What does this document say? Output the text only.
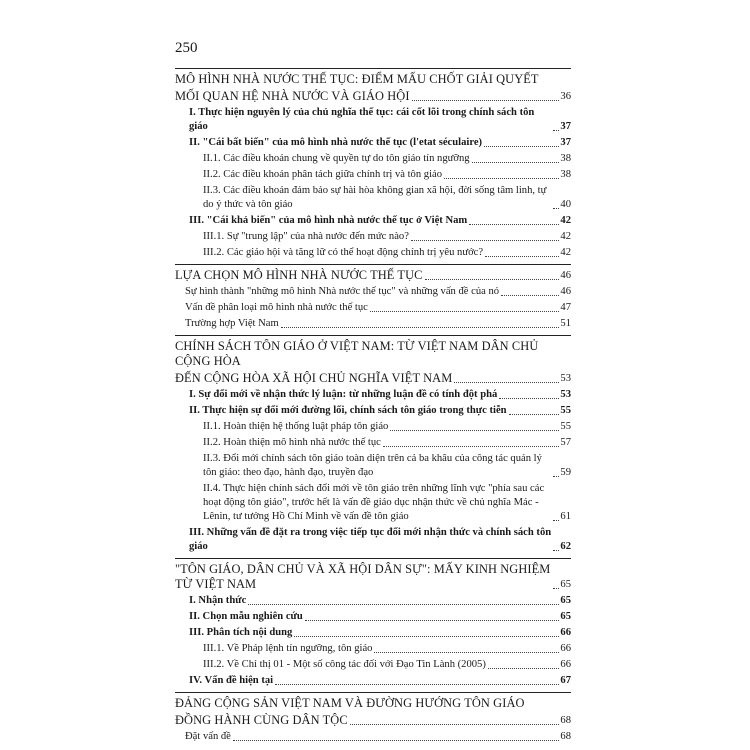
250
MÔ HÌNH NHÀ NƯỚC THẾ TỤC: ĐIỂM MẤU CHỐT GIẢI QUYẾT
MỐI QUAN HỆ NHÀ NƯỚC VÀ GIÁO HỘI	36
I. Thực hiện nguyên lý của chủ nghĩa thế tục: cái cốt lõi trong chính sách tôn giáo	37
II. "Cái bất biến" của mô hình nhà nước thế tục (l'etat séculaire)	37
II.1. Các điều khoản chung về quyền tự do tôn giáo tín ngưỡng	38
II.2. Các điều khoản phân tách giữa chính trị và tôn giáo	38
II.3. Các điều khoản đảm bảo sự hài hòa không gian xã hội, đời sống tâm linh, tự do ý thức và tôn giáo	40
III. "Cái khả biến" của mô hình nhà nước thế tục ở Việt Nam	42
III.1. Sự "trung lập" của nhà nước đến mức nào?	42
III.2. Các giáo hội và tăng lữ có thể hoạt động chính trị yêu nước?	42
LỰA CHỌN MÔ HÌNH NHÀ NƯỚC THẾ TỤC	46
Sự hình thành "những mô hình Nhà nước thế tục" và những vấn đề của nó	46
Vấn đề phân loại mô hình nhà nước thế tục	47
Trường hợp Việt Nam	51
CHÍNH SÁCH TÔN GIÁO Ở VIỆT NAM: TỪ VIỆT NAM DÂN CHỦ CỘNG HÒA
ĐẾN CỘNG HÒA XÃ HỘI CHỦ NGHĨA VIỆT NAM	53
I. Sự đổi mới về nhận thức lý luận: từ những luận đề có tính đột phá	53
II. Thực hiện sự đổi mới đường lối, chính sách tôn giáo trong thực tiễn	55
II.1. Hoàn thiện hệ thống luật pháp tôn giáo	55
II.2. Hoàn thiện mô hình nhà nước thế tục	57
II.3. Đổi mới chính sách tôn giáo toàn diện trên cả ba khâu của công tác quản lý tôn giáo: theo đạo, hành đạo, truyền đạo	59
II.4. Thực hiện chính sách đổi mới về tôn giáo trên những lĩnh vực "phía sau các hoạt động tôn giáo", trước hết là vấn đề giáo dục nhận thức về chủ nghĩa Mác - Lênin, tư tưởng Hồ Chí Minh về vấn đề tôn giáo	61
III. Những vấn đề đặt ra trong việc tiếp tục đổi mới nhận thức và chính sách tôn giáo	62
"TÔN GIÁO, DÂN CHỦ VÀ XÃ HỘI DÂN SỰ": MẤY KINH NGHIỆM TỪ VIỆT NAM	65
I. Nhận thức	65
II. Chọn mẫu nghiên cứu	65
III. Phân tích nội dung	66
III.1. Về Pháp lệnh tín ngưỡng, tôn giáo	66
III.2. Về Chỉ thị 01 - Một số công tác đối với Đạo Tin Lành (2005)	66
IV. Vấn đề hiện tại	67
ĐẢNG CỘNG SẢN VIỆT NAM VÀ ĐƯỜNG HƯỚNG TÔN GIÁO
ĐỒNG HÀNH CÙNG DÂN TỘC	68
Đặt vấn đề	68
